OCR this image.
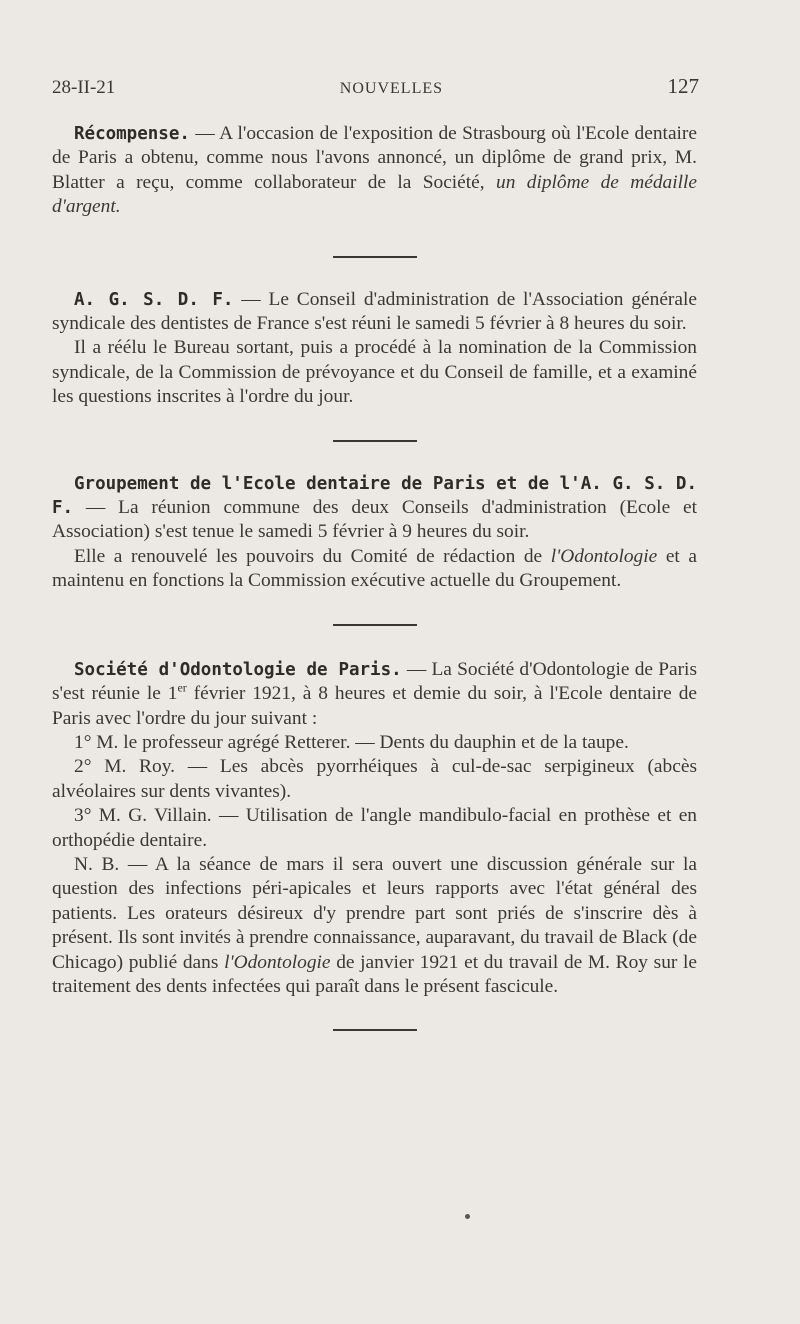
28-II-21	NOUVELLES	127

Récompense. — A l'occasion de l'exposition de Strasbourg où l'Ecole dentaire de Paris a obtenu, comme nous l'avons annoncé, un diplôme de grand prix, M. Blatter a reçu, comme collaborateur de la Société, un diplôme de médaille d'argent.

A. G. S. D. F. — Le Conseil d'administration de l'Association générale syndicale des dentistes de France s'est réuni le samedi 5 février à 8 heures du soir.

Il a réélu le Bureau sortant, puis a procédé à la nomination de la Commission syndicale, de la Commission de prévoyance et du Conseil de famille, et a examiné les questions inscrites à l'ordre du jour.

Groupement de l'Ecole dentaire de Paris et de l'A. G. S. D. F. — La réunion commune des deux Conseils d'administration (Ecole et Association) s'est tenue le samedi 5 février à 9 heures du soir.

Elle a renouvelé les pouvoirs du Comité de rédaction de l'Odontologie et a maintenu en fonctions la Commission exécutive actuelle du Groupement.

Société d'Odontologie de Paris. — La Société d'Odontologie de Paris s'est réunie le 1er février 1921, à 8 heures et demie du soir, à l'Ecole dentaire de Paris avec l'ordre du jour suivant :

1° M. le professeur agrégé Retterer. — Dents du dauphin et de la taupe.

2° M. Roy. — Les abcès pyorrhéiques à cul-de-sac serpigineux (abcès alvéolaires sur dents vivantes).

3° M. G. Villain. — Utilisation de l'angle mandibulo-facial en prothèse et en orthopédie dentaire.

N. B. — A la séance de mars il sera ouvert une discussion générale sur la question des infections péri-apicales et leurs rapports avec l'état général des patients. Les orateurs désireux d'y prendre part sont priés de s'inscrire dès à présent. Ils sont invités à prendre connaissance, auparavant, du travail de Black (de Chicago) publié dans l'Odontologie de janvier 1921 et du travail de M. Roy sur le traitement des dents infectées qui paraît dans le présent fascicule.
